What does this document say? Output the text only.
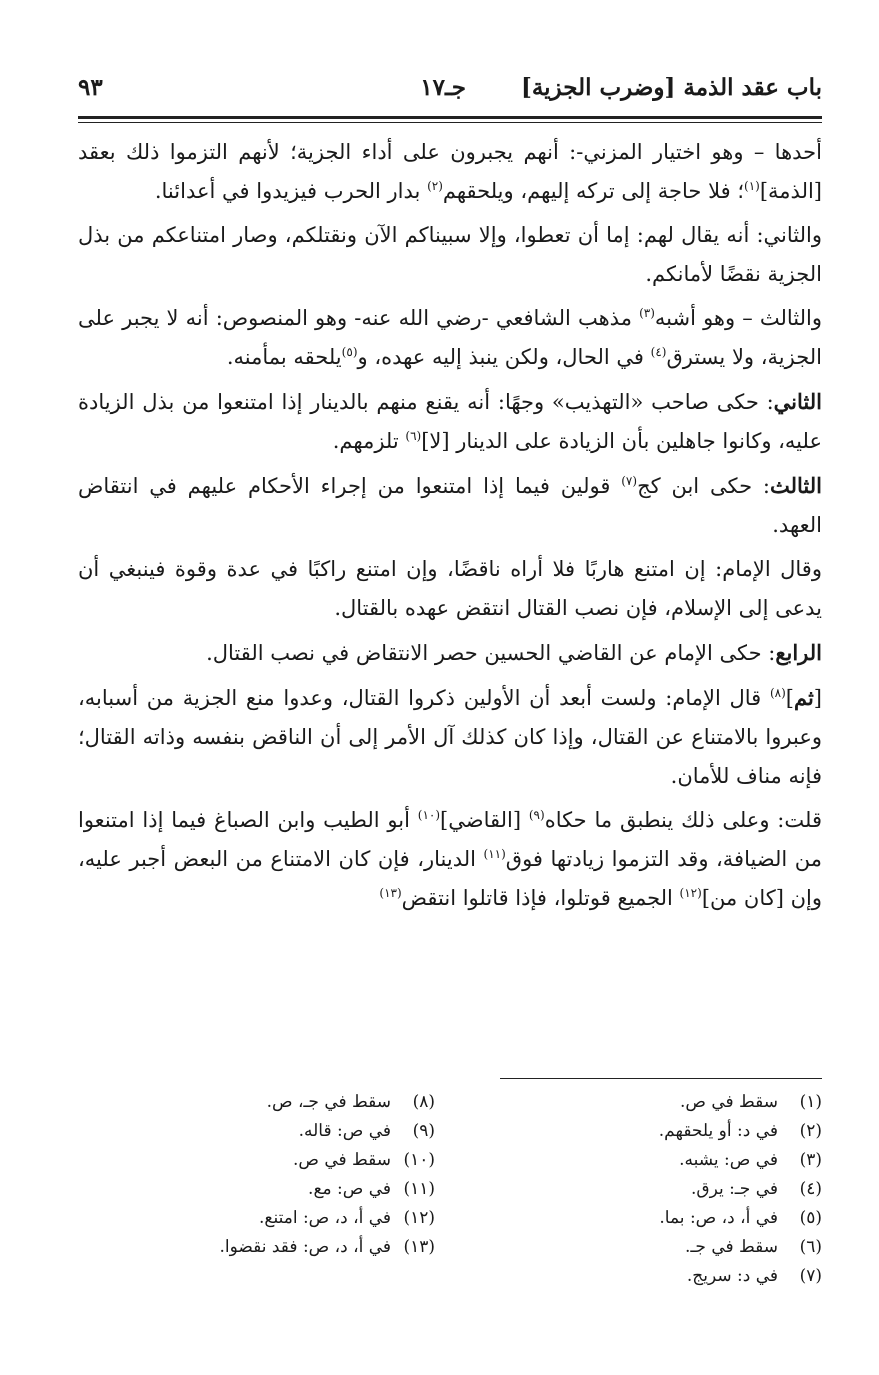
باب عقد الذمة [وضرب الجزية]
جـ١٧
٩٣

أحدها – وهو اختيار المزني-: أنهم يجبرون على أداء الجزية؛ لأنهم التزموا ذلك بعقد [الذمة]$^{(١)}$؛ فلا حاجة إلى تركه إليهم، ويلحقهم$^{(٢)}$ بدار الحرب فيزيدوا في أعدائنا.

والثاني: أنه يقال لهم: إما أن تعطوا، وإلا سبيناكم الآن ونقتلكم، وصار امتناعكم من بذل الجزية نقضًا لأمانكم.

والثالث – وهو أشبه$^{(٣)}$ مذهب الشافعي -رضي الله عنه- وهو المنصوص: أنه لا يجبر على الجزية، ولا يسترق$^{(٤)}$ في الحال، ولكن ينبذ إليه عهده، و$^{(٥)}$يلحقه بمأمنه.

الثاني: حكى صاحب «التهذيب» وجهًا: أنه يقنع منهم بالدينار إذا امتنعوا من بذل الزيادة عليه، وكانوا جاهلين بأن الزيادة على الدينار [لا]$^{(٦)}$ تلزمهم.

الثالث: حكى ابن كج$^{(٧)}$ قولين فيما إذا امتنعوا من إجراء الأحكام عليهم في انتقاض العهد.

وقال الإمام: إن امتنع هاربًا فلا أراه ناقضًا، وإن امتنع راكبًا في عدة وقوة فينبغي أن يدعى إلى الإسلام، فإن نصب القتال انتقض عهده بالقتال.

الرابع: حكى الإمام عن القاضي الحسين حصر الانتقاض في نصب القتال.

[ثم]$^{(٨)}$ قال الإمام: ولست أبعد أن الأولين ذكروا القتال، وعدوا منع الجزية من أسبابه، وعبروا بالامتناع عن القتال، وإذا كان كذلك آل الأمر إلى أن الناقض بنفسه وذاته القتال؛ فإنه مناف للأمان.

قلت: وعلى ذلك ينطبق ما حكاه$^{(٩)}$ [القاضي]$^{(١٠)}$ أبو الطيب وابن الصباغ فيما إذا امتنعوا من الضيافة، وقد التزموا زيادتها فوق$^{(١١)}$ الدينار، فإن كان الامتناع من البعض أجبر عليه، وإن [كان من]$^{(١٢)}$ الجميع قوتلوا، فإذا قاتلوا انتقض$^{(١٣)}$

(١)سقط في ص.
(٢)في د: أو يلحقهم.
(٣)في ص: يشبه.
(٤)في جـ: يرق.
(٥)في أ، د، ص: بما.
(٦)سقط في جـ.
(٧)في د: سريج.
(٨)سقط في جـ، ص.
(٩)في ص: قاله.
(١٠)سقط في ص.
(١١)في ص: مع.
(١٢)في أ، د، ص: امتنع.
(١٣)في أ، د، ص: فقد نقضوا.
